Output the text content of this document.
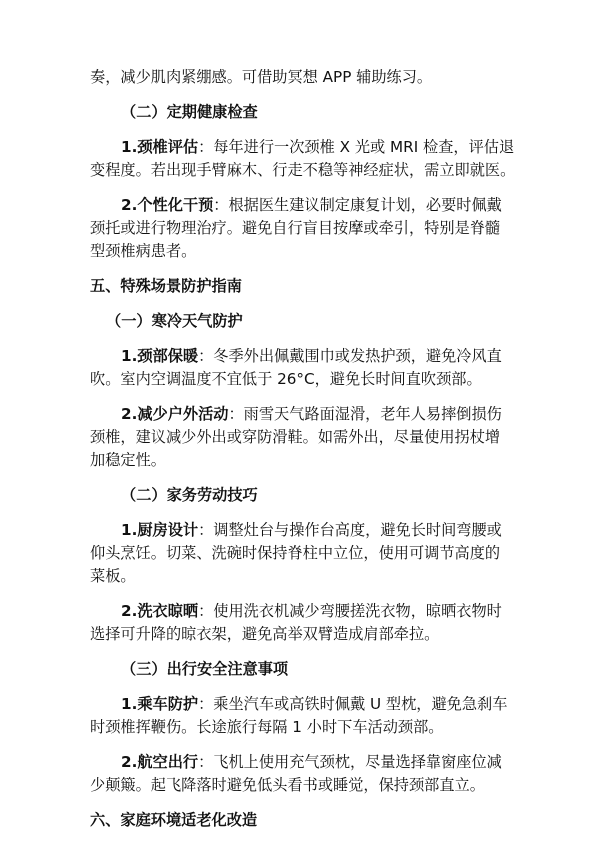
奏，减少肌肉紧绷感。可借助冥想 APP 辅助练习。

（二）定期健康检查

1.颈椎评估：每年进行一次颈椎 X 光或 MRI 检查，评估退

变程度。若出现手臂麻木、行走不稳等神经症状，需立即就医。

2.个性化干预：根据医生建议制定康复计划，必要时佩戴

颈托或进行物理治疗。避免自行盲目按摩或牵引，特别是脊髓

型颈椎病患者。

五、特殊场景防护指南
（一）寒冷天气防护

1.颈部保暖：冬季外出佩戴围巾或发热护颈，避免冷风直

吹。室内空调温度不宜低于 26°C，避免长时间直吹颈部。

2.减少户外活动：雨雪天气路面湿滑，老年人易摔倒损伤

颈椎，建议减少外出或穿防滑鞋。如需外出，尽量使用拐杖增

加稳定性。

（二）家务劳动技巧

1.厨房设计：调整灶台与操作台高度，避免长时间弯腰或

仰头烹饪。切菜、洗碗时保持脊柱中立位，使用可调节高度的

菜板。

2.洗衣晾晒：使用洗衣机减少弯腰搓洗衣物，晾晒衣物时

选择可升降的晾衣架，避免高举双臂造成肩部牵拉。

（三）出行安全注意事项

1.乘车防护：乘坐汽车或高铁时佩戴 U 型枕，避免急刹车

时颈椎挥鞭伤。长途旅行每隔 1 小时下车活动颈部。

2.航空出行：飞机上使用充气颈枕，尽量选择靠窗座位减

少颠簸。起飞降落时避免低头看书或睡觉，保持颈部直立。

六、家庭环境适老化改造
